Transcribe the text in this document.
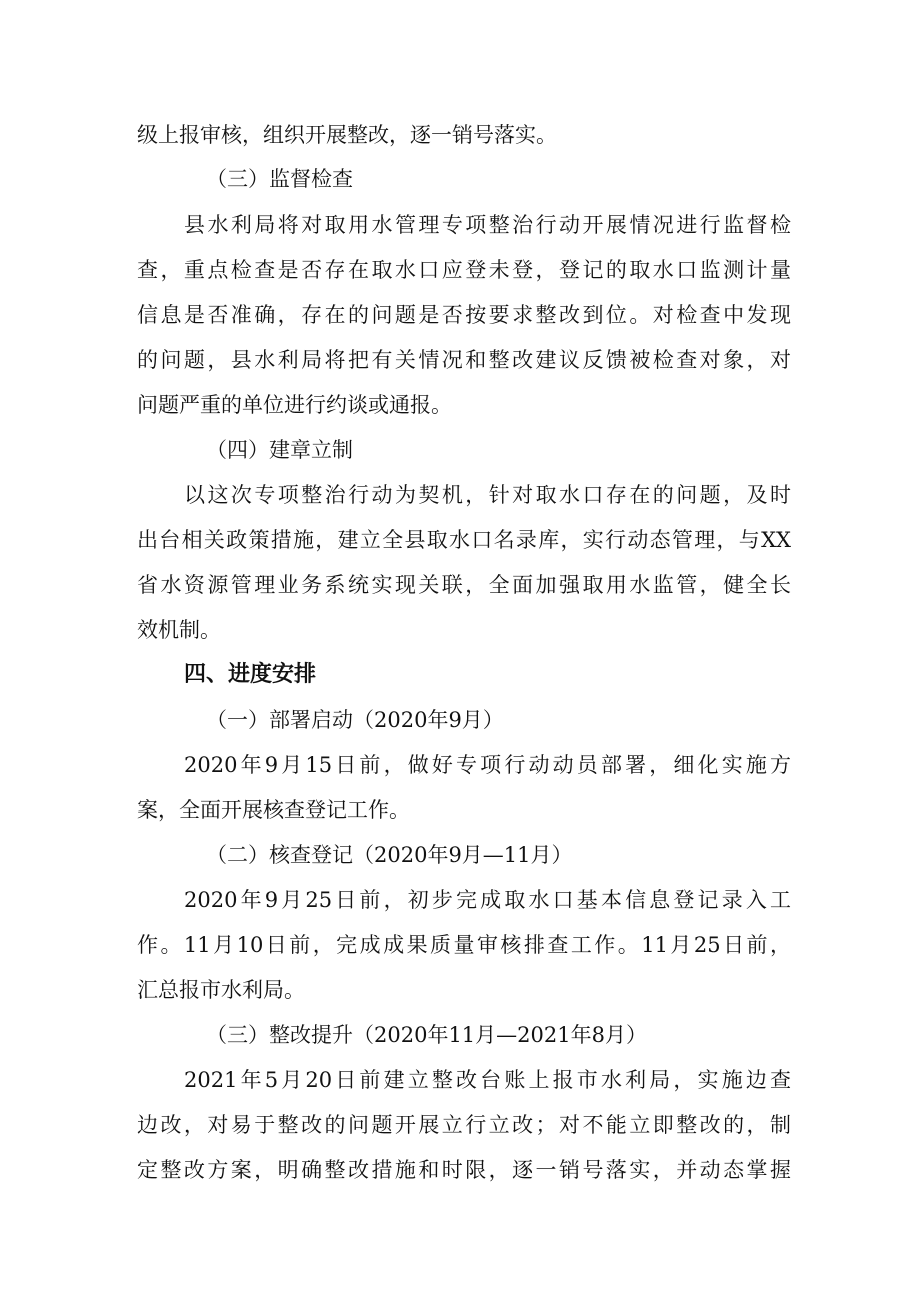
级上报审核，组织开展整改，逐一销号落实。
（三）监督检查
县水利局将对取用水管理专项整治行动开展情况进行监督检
查，重点检查是否存在取水口应登未登，登记的取水口监测计量
信息是否准确，存在的问题是否按要求整改到位。对检查中发现
的问题，县水利局将把有关情况和整改建议反馈被检查对象，对
问题严重的单位进行约谈或通报。
（四）建章立制
以这次专项整治行动为契机，针对取水口存在的问题，及时
出台相关政策措施，建立全县取水口名录库，实行动态管理，与XX
省水资源管理业务系统实现关联，全面加强取用水监管，健全长
效机制。
四、进度安排
（一）部署启动（2020年9月）
2020年9月15日前，做好专项行动动员部署，细化实施方
案，全面开展核查登记工作。
（二）核查登记（2020年9月—11月）
2020年9月25日前，初步完成取水口基本信息登记录入工
作。11月10日前，完成成果质量审核排查工作。11月25日前，
汇总报市水利局。
（三）整改提升（2020年11月—2021年8月）
2021年5月20日前建立整改台账上报市水利局，实施边查
边改，对易于整改的问题开展立行立改；对不能立即整改的，制
定整改方案，明确整改措施和时限，逐一销号落实，并动态掌握
